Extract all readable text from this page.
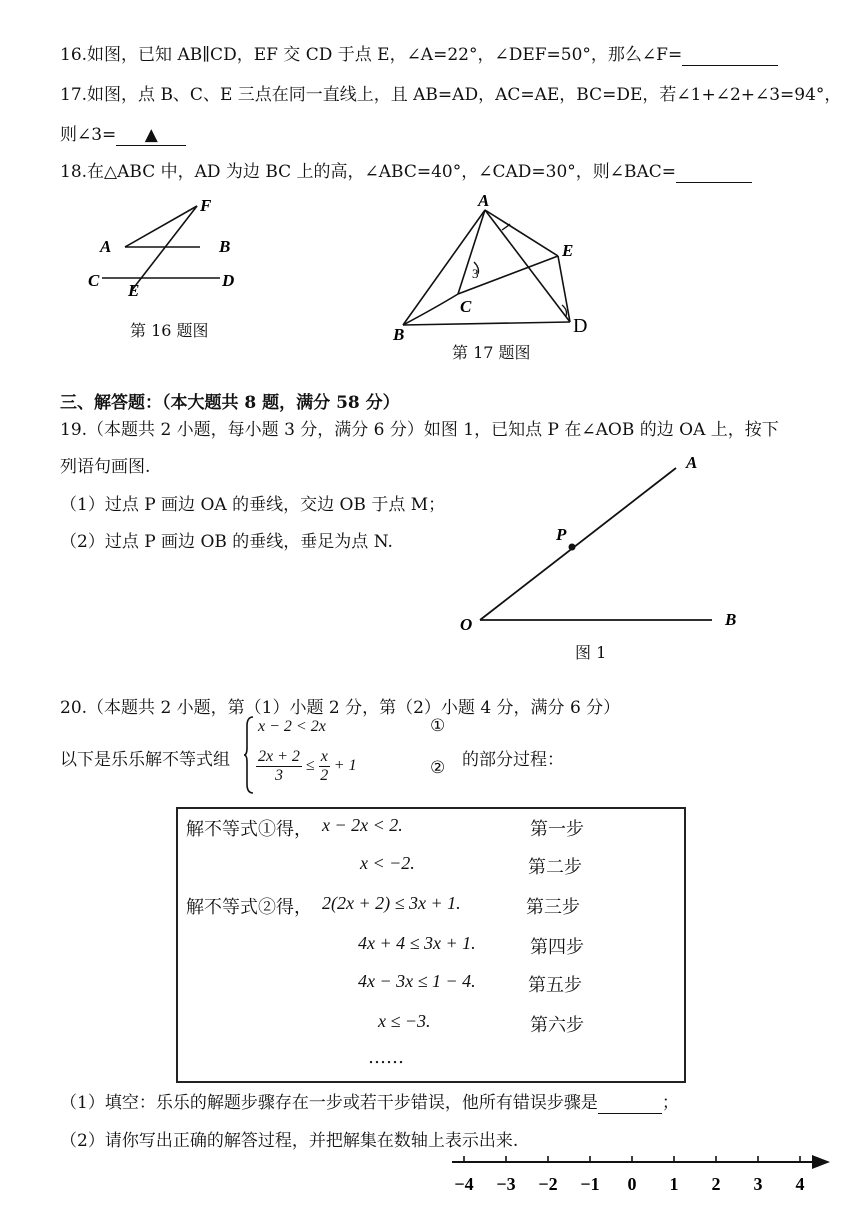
16.如图，已知 AB∥CD，EF 交 CD 于点 E，∠A=22°，∠DEF=50°，那么∠F=
17.如图，点 B、C、E 三点在同一直线上，且 AB=AD，AC=AE，BC=DE，若∠1+∠2+∠3=94°，
则∠3= ▲
18.在△ABC 中，AD 为边 BC 上的高，∠ABC=40°，∠CAD=30°，则∠BAC=
F
A	B
C
E
D
第 16 题图
A
E
C
B	D
3
第 17 题图
三、解答题：（本大题共 8 题，满分 58 分）
19.（本题共 2 小题，每小题 3 分，满分 6 分）如图 1，已知点 P 在∠AOB 的边 OA 上，按下
列语句画图.
（1）过点 P 画边 OA 的垂线，交边 OB 于点 M；
（2）过点 P 画边 OB 的垂线，垂足为点 N.
A
P
O	B
图 1
20.（本题共 2 小题，第（1）小题 2 分，第（2）小题 4 分，满分 6 分）
以下是乐乐解不等式组
x − 2 < 2x	①
$\frac{2x + 2}{3} \le \frac{x}{2} + 1$	② 的部分过程：
解不等式①得， x − 2x < 2.	第一步
x < −2.	第二步
解不等式②得， 2(2x + 2) ≤ 3x + 1.	第三步
4x + 4 ≤ 3x + 1.	第四步
4x − 3x ≤ 1 − 4.	第五步
x ≤ −3.	第六步
……
（1）填空：乐乐的解题步骤存在一步或若干步错误，他所有错误步骤是	；
（2）请你写出正确的解答过程，并把解集在数轴上表示出来.
−4 −3 −2 −1 0 1 2 3 4
